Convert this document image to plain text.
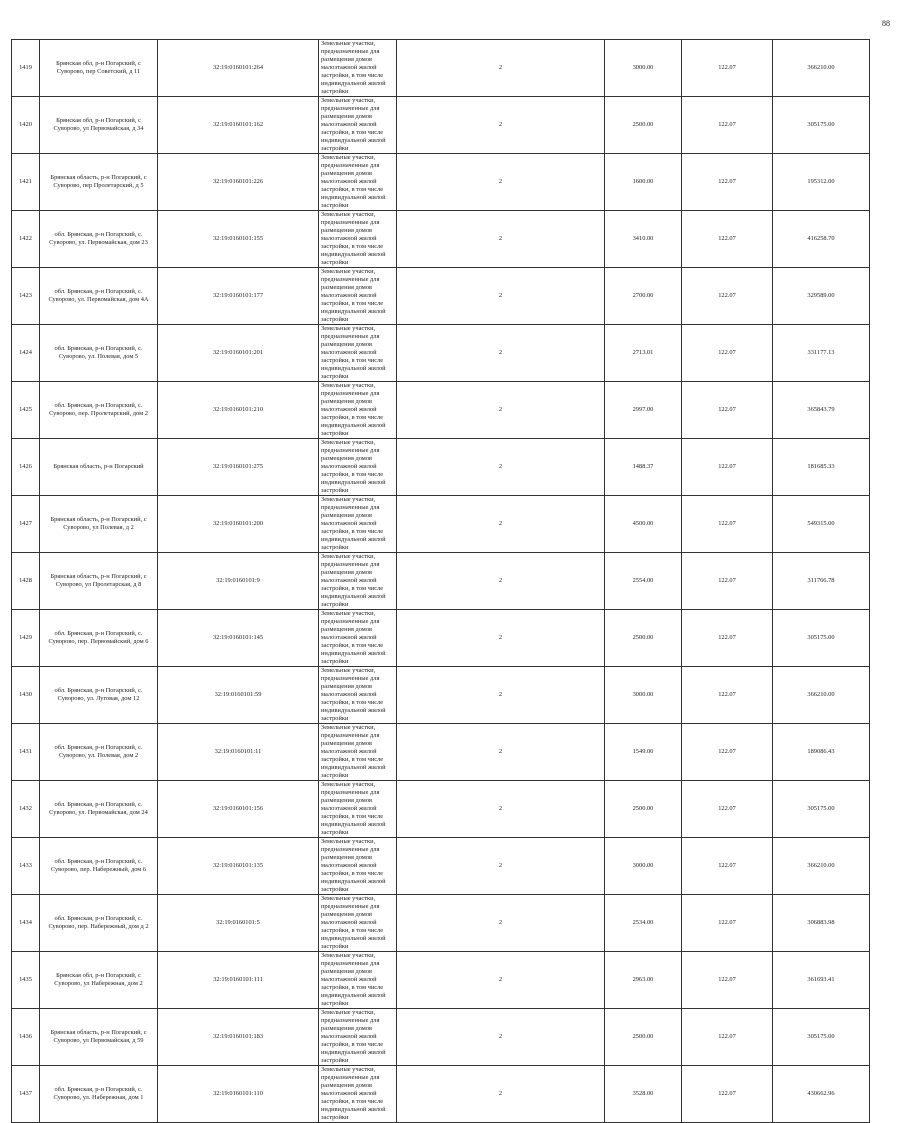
88
1419	Брянская обл, р-н Погарский, с Суворово, пер Советский, д 11	32:19:0160101:264	Земельные участки, предназначенные для размещения домов малоэтажной жилой застройки, в том числе индивидуальной жилой застройки	2	3000.00	122.07	366210.00
1420	Брянская обл, р-н Погарский, с Суворово, ул Первомайская, д 34	32:19:0160101:162	Земельные участки, предназначенные для размещения домов малоэтажной жилой застройки, в том числе индивидуальной жилой застройки	2	2500.00	122.07	305175.00
1421	Брянская область, р-н Погарский, с Суворово, пер Пролетарский, д 5	32:19:0160101:226	Земельные участки, предназначенные для размещения домов малоэтажной жилой застройки, в том числе индивидуальной жилой застройки	2	1600.00	122.07	195312.00
1422	обл. Брянская, р-н Погарский, с. Суворово, ул. Первомайская, дом 23	32:19:0160101:155	Земельные участки, предназначенные для размещения домов малоэтажной жилой застройки, в том числе индивидуальной жилой застройки	2	3410.00	122.07	416258.70
1423	обл. Брянская, р-н Погарский, с. Суворово, ул. Первомайская, дом 4А	32:19:0160101:177	Земельные участки, предназначенные для размещения домов малоэтажной жилой застройки, в том числе индивидуальной жилой застройки	2	2700.00	122.07	329589.00
1424	обл. Брянская, р-н Погарский, с. Суворово, ул. Полевая, дом 5	32:19:0160101:201	Земельные участки, предназначенные для размещения домов малоэтажной жилой застройки, в том числе индивидуальной жилой застройки	2	2713.01	122.07	331177.13
1425	обл. Брянская, р-н Погарский, с. Суворово, пер. Пролетарский, дом 2	32:19:0160101:210	Земельные участки, предназначенные для размещения домов малоэтажной жилой застройки, в том числе индивидуальной жилой застройки	2	2997.00	122.07	365843.79
1426	Брянская область, р-н Погарский	32:19:0160101:275	Земельные участки, предназначенные для размещения домов малоэтажной жилой застройки, в том числе индивидуальной жилой застройки	2	1488.37	122.07	181685.33
1427	Брянская область, р-н Погарский, с Суворово, ул Полевая, д 2	32:19:0160101:200	Земельные участки, предназначенные для размещения домов малоэтажной жилой застройки, в том числе индивидуальной жилой застройки	2	4500.00	122.07	549315.00
1428	Брянская область, р-н Погарский, с Суворово, ул Пролетарская, д 8	32:19:0160101:9	Земельные участки, предназначенные для размещения домов малоэтажной жилой застройки, в том числе индивидуальной жилой застройки	2	2554.00	122.07	311766.78
1429	обл. Брянская, р-н Погарский, с. Суворово, пер. Первомайский, дом 6	32:19:0160101:145	Земельные участки, предназначенные для размещения домов малоэтажной жилой застройки, в том числе индивидуальной жилой застройки	2	2500.00	122.07	305175.00
1430	обл. Брянская, р-н Погарский, с. Суворово, ул. Луговая, дом 12	32:19:0160101:59	Земельные участки, предназначенные для размещения домов малоэтажной жилой застройки, в том числе индивидуальной жилой застройки	2	3000.00	122.07	366210.00
1431	обл. Брянская, р-н Погарский, с. Суворово, ул. Полевая, дом 2	32:19:0160101:11	Земельные участки, предназначенные для размещения домов малоэтажной жилой застройки, в том числе индивидуальной жилой застройки	2	1549.00	122.07	189086.43
1432	обл. Брянская, р-н Погарский, с. Суворово, ул. Первомайская, дом 24	32:19:0160101:156	Земельные участки, предназначенные для размещения домов малоэтажной жилой застройки, в том числе индивидуальной жилой застройки	2	2500.00	122.07	305175.00
1433	обл. Брянская, р-н Погарский, с. Суворово, пер. Набережный, дом 6	32:19:0160101:135	Земельные участки, предназначенные для размещения домов малоэтажной жилой застройки, в том числе индивидуальной жилой застройки	2	3000.00	122.07	366210.00
1434	обл. Брянская, р-н Погарский, с. Суворово, пер. Набережный, дом д 2	32:19:0160101:5	Земельные участки, предназначенные для размещения домов малоэтажной жилой застройки, в том числе индивидуальной жилой застройки	2	2534.00	122.07	306883.98
1435	Брянская обл, р-н Погарский, с Суворово, ул Набережная, дом 2	32:19:0160101:111	Земельные участки, предназначенные для размещения домов малоэтажной жилой застройки, в том числе индивидуальной жилой застройки	2	2963.00	122.07	361693.41
1436	Брянская область, р-н Погарский, с Суворово, ул Первомайская, д 59	32:19:0160101:183	Земельные участки, предназначенные для размещения домов малоэтажной жилой застройки, в том числе индивидуальной жилой застройки	2	2500.00	122.07	305175.00
1437	обл. Брянская, р-н Погарский, с. Суворово, ул. Набережная, дом 1	32:19:0160101:110	Земельные участки, предназначенные для размещения домов малоэтажной жилой застройки, в том числе индивидуальной жилой застройки	2	3528.00	122.07	430662.96
